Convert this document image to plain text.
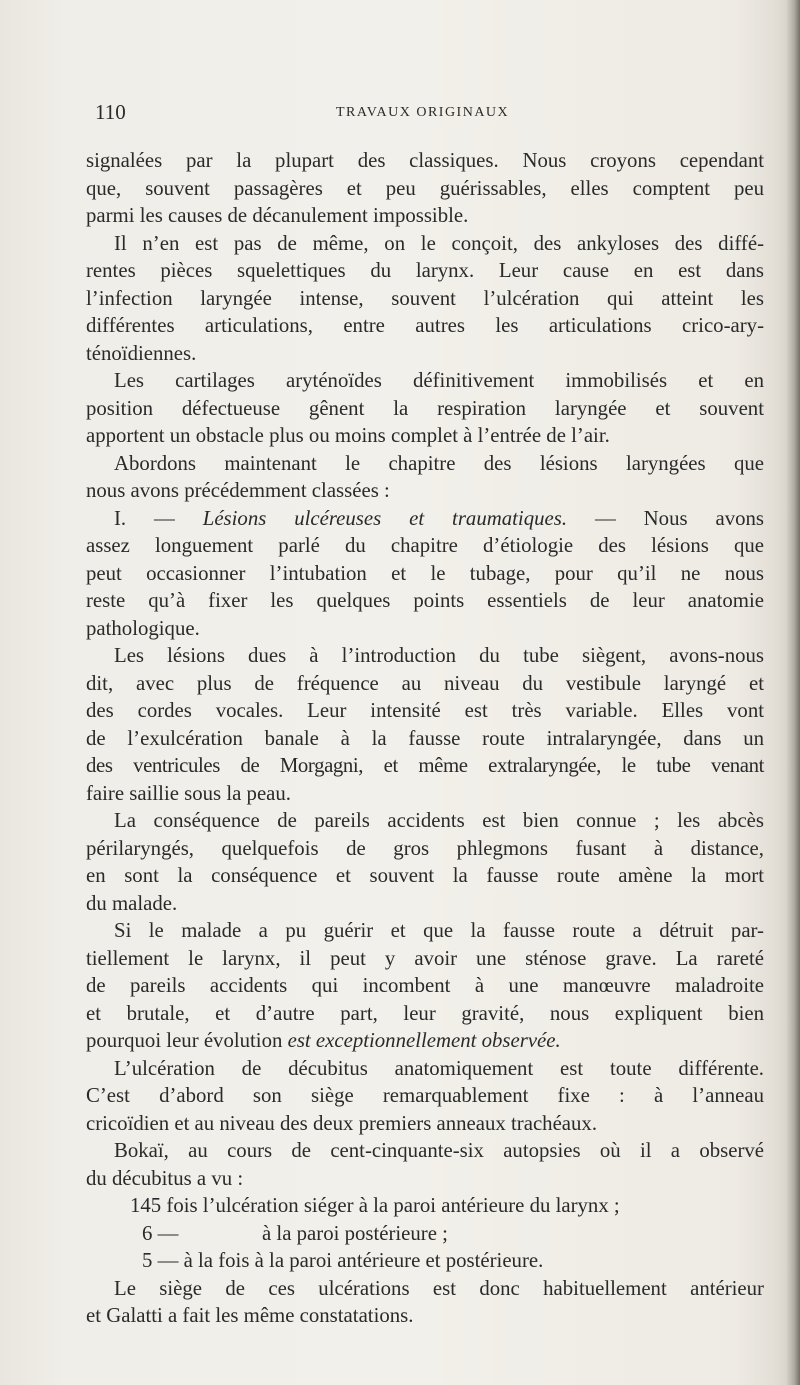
110	TRAVAUX ORIGINAUX

signalées par la plupart des classiques. Nous croyons cependant
que, souvent passagères et peu guérissables, elles comptent peu
parmi les causes de décanulement impossible.

Il n’en est pas de même, on le conçoit, des ankyloses des diffé-
rentes pièces squelettiques du larynx. Leur cause en est dans
l’infection laryngée intense, souvent l’ulcération qui atteint les
différentes articulations, entre autres les articulations crico-ary-
ténoïdiennes.

Les cartilages aryténoïdes définitivement immobilisés et en
position défectueuse gênent la respiration laryngée et souvent
apportent un obstacle plus ou moins complet à l’entrée de l’air.

Abordons maintenant le chapitre des lésions laryngées que
nous avons précédemment classées :

I. — Lésions ulcéreuses et traumatiques. — Nous avons
assez longuement parlé du chapitre d’étiologie des lésions que
peut occasionner l’intubation et le tubage, pour qu’il ne nous
reste qu’à fixer les quelques points essentiels de leur anatomie
pathologique.

Les lésions dues à l’introduction du tube siègent, avons-nous
dit, avec plus de fréquence au niveau du vestibule laryngé et
des cordes vocales. Leur intensité est très variable. Elles vont
de l’exulcération banale à la fausse route intralaryngée, dans un
des ventricules de Morgagni, et même extralaryngée, le tube venant
faire saillie sous la peau.

La conséquence de pareils accidents est bien connue ; les abcès
périlaryngés, quelquefois de gros phlegmons fusant à distance,
en sont la conséquence et souvent la fausse route amène la mort
du malade.

Si le malade a pu guérir et que la fausse route a détruit par-
tiellement le larynx, il peut y avoir une sténose grave. La rareté
de pareils accidents qui incombent à une manœuvre maladroite
et brutale, et d’autre part, leur gravité, nous expliquent bien
pourquoi leur évolution est exceptionnellement observée.

L’ulcération de décubitus anatomiquement est toute différente.
C’est d’abord son siège remarquablement fixe : à l’anneau
cricoïdien et au niveau des deux premiers anneaux trachéaux.

Bokaï, au cours de cent-cinquante-six autopsies où il a observé
du décubitus a vu :

145 fois l’ulcération siéger à la paroi antérieure du larynx ;
6 —	à la paroi postérieure ;
5 — à la fois à la paroi antérieure et postérieure.

Le siège de ces ulcérations est donc habituellement antérieur
et Galatti a fait les même constatations.
